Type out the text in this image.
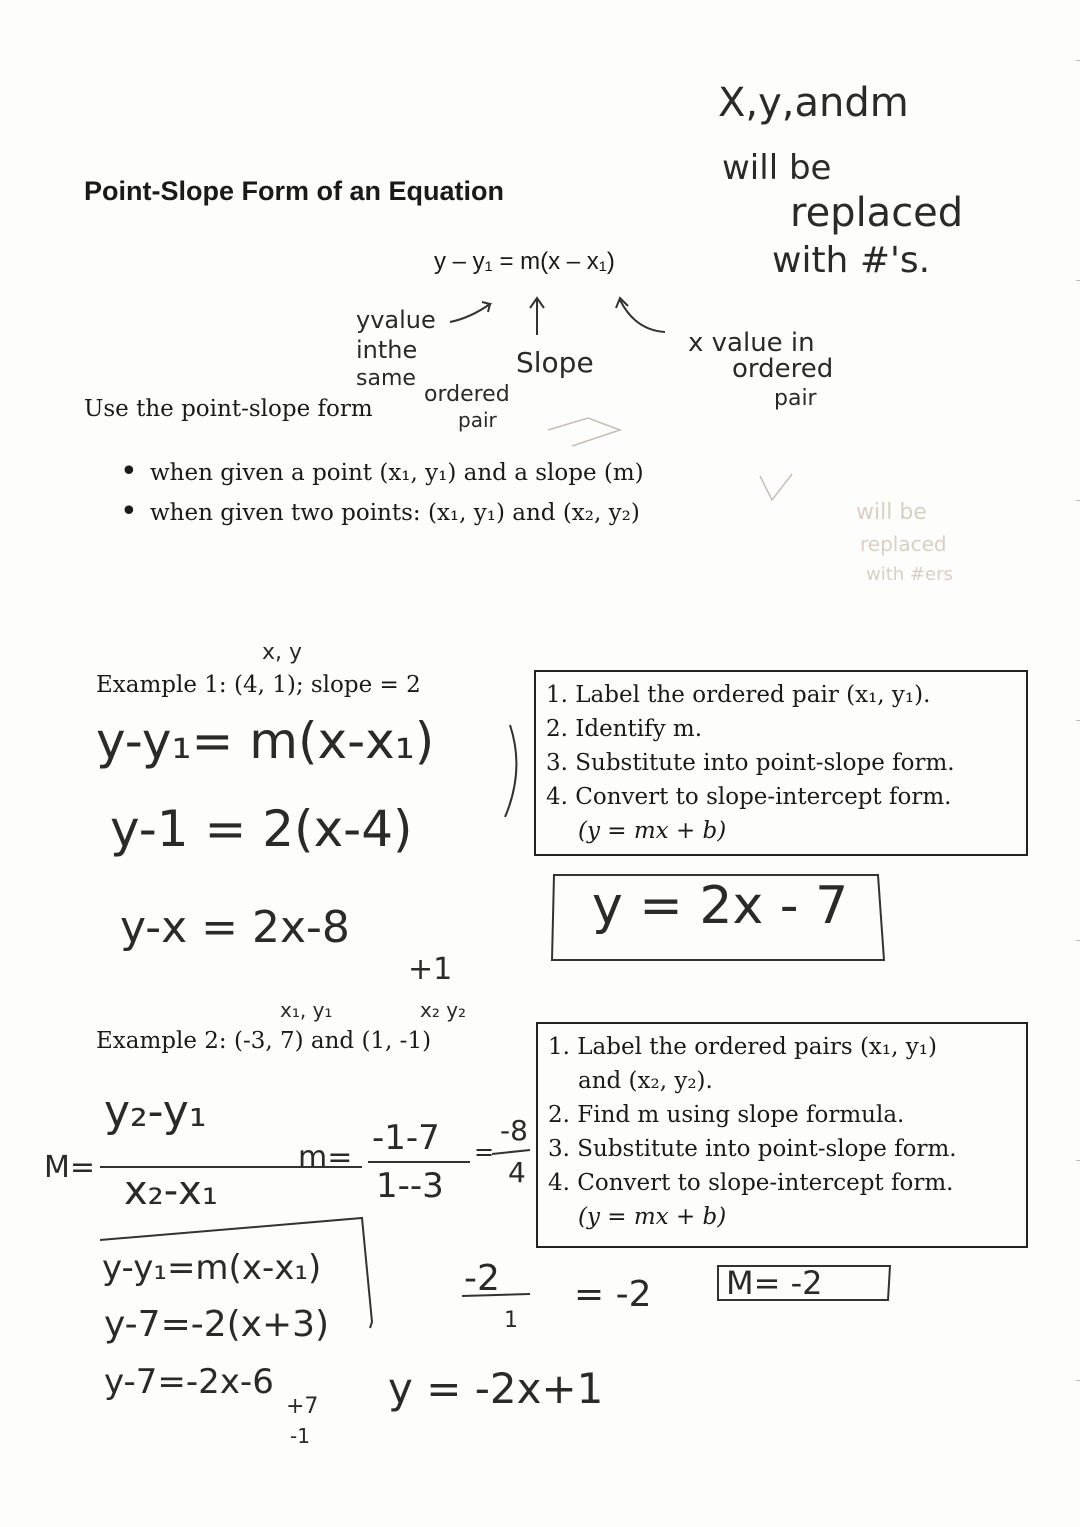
Point-Slope Form of an Equation
y – y₁ = m(x – x₁)
X,y,andm
will be
replaced
with #'s.
yvalue
inthe
same
ordered
pair
Slope
x value in
ordered
pair
will be
replaced
with #ers
Use the point-slope form
• when given a point (x₁, y₁) and a slope (m)
• when given two points: (x₁, y₁) and (x₂, y₂)
x, y
Example 1: (4, 1); slope = 2	1. Label the ordered pair (x₁, y₁).
2. Identify m.
3. Substitute into point-slope form.
4. Convert to slope-intercept form.
(y = mx + b)
y-y₁= m(x-x₁)
y-1 = 2(x-4)
y-x = 2x-8
+1
y = 2x - 7
x₁, y₁	x₂ y₂
Example 2: (-3, 7) and (1, -1)	1. Label the ordered pairs (x₁, y₁)
and (x₂, y₂).
2. Find m using slope formula.
3. Substitute into point-slope form.
4. Convert to slope-intercept form.
(y = mx + b)
M=
y₂-y₁
x₂-x₁
m= -1-7
1--3
=
-8
4
-2
1
= -2 M= -2
y-y₁=m(x-x₁)
y-7=-2(x+3)
y-7=-2x-6
+7
-1
y = -2x+1
